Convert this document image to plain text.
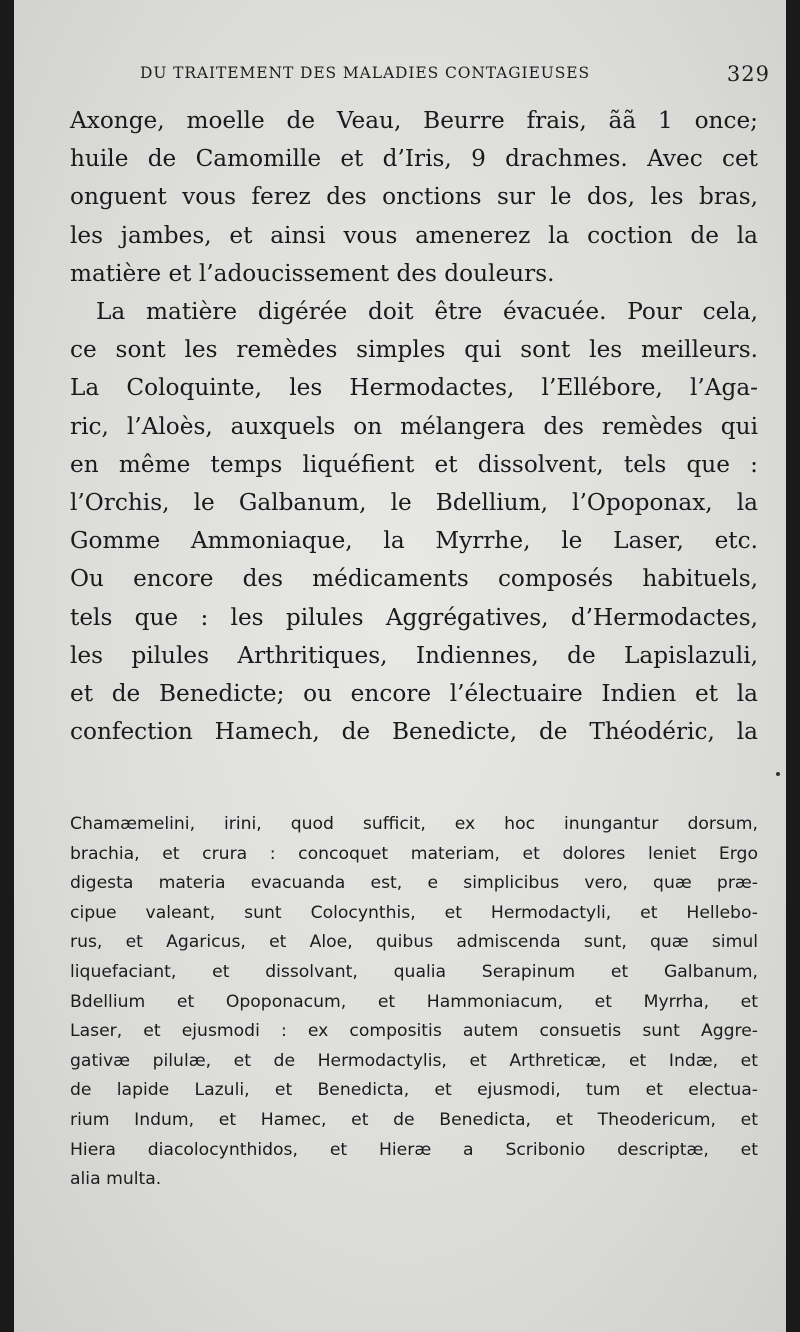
DU TRAITEMENT DES MALADIES CONTAGIEUSES	329
Axonge, moelle de Veau, Beurre frais, ãã 1 once;
huile de Camomille et d’Iris, 9 drachmes. Avec cet
onguent vous ferez des onctions sur le dos, les bras,
les jambes, et ainsi vous amenerez la coction de la
matière et l’adoucissement des douleurs.
La matière digérée doit être évacuée. Pour cela,
ce sont les remèdes simples qui sont les meilleurs.
La Coloquinte, les Hermodactes, l’Ellébore, l’Aga-
ric, l’Aloès, auxquels on mélangera des remèdes qui
en même temps liquéfient et dissolvent, tels que :
l’Orchis, le Galbanum, le Bdellium, l’Opoponax, la
Gomme Ammoniaque, la Myrrhe, le Laser, etc.
Ou encore des médicaments composés habituels,
tels que : les pilules Aggrégatives, d’Hermodactes,
les pilules Arthritiques, Indiennes, de Lapislazuli,
et de Benedicte; ou encore l’électuaire Indien et la
confection Hamech, de Benedicte, de Théodéric, la
Chamæmelini, irini, quod sufficit, ex hoc inungantur dorsum,
brachia, et crura : concoquet materiam, et dolores leniet Ergo
digesta materia evacuanda est, e simplicibus vero, quæ præ-
cipue valeant, sunt Colocynthis, et Hermodactyli, et Hellebo-
rus, et Agaricus, et Aloe, quibus admiscenda sunt, quæ simul
liquefaciant, et dissolvant, qualia Serapinum et Galbanum,
Bdellium et Opoponacum, et Hammoniacum, et Myrrha, et
Laser, et ejusmodi : ex compositis autem consuetis sunt Aggre-
gativæ pilulæ, et de Hermodactylis, et Arthreticæ, et Indæ, et
de lapide Lazuli, et Benedicta, et ejusmodi, tum et electua-
rium Indum, et Hamec, et de Benedicta, et Theodericum, et
Hiera diacolocynthidos, et Hieræ a Scribonio descriptæ, et
alia multa.
